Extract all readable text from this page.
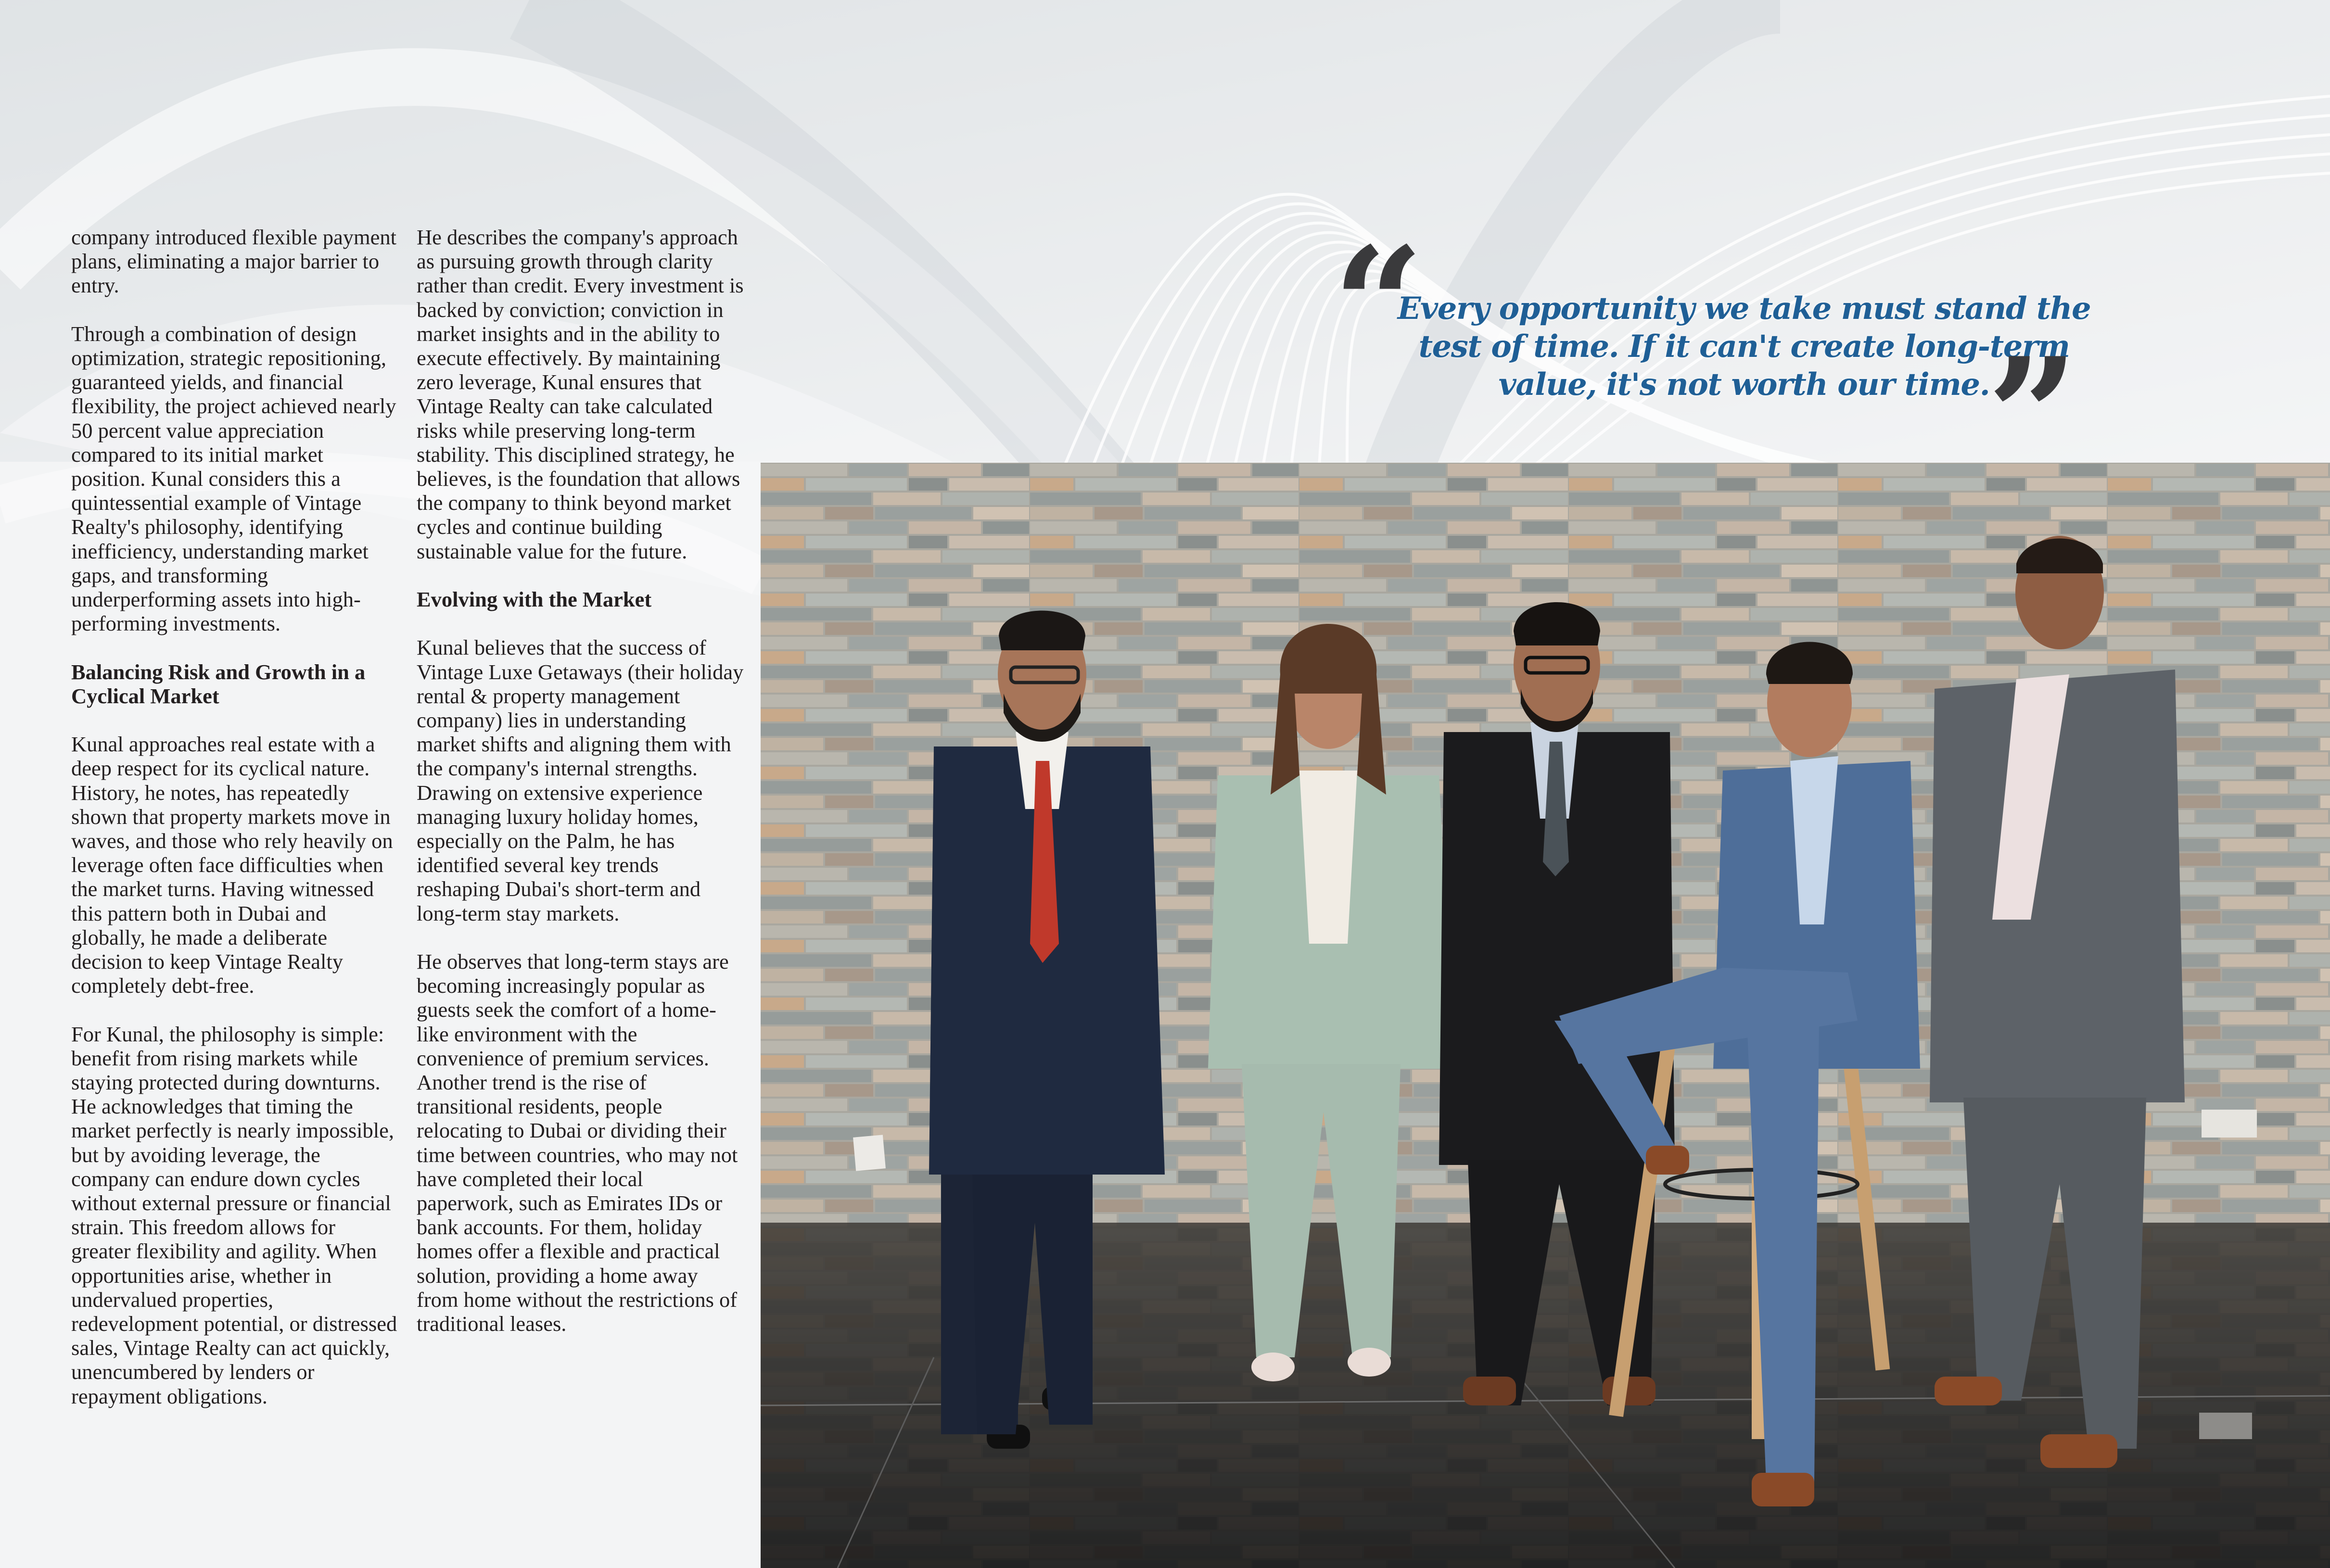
company introduced flexible payment plans, eliminating a major barrier to entry.

Through a combination of design optimization, strategic repositioning, guaranteed yields, and financial flexibility, the project achieved nearly 50 percent value appreciation compared to its initial market position. Kunal considers this a quintessential example of Vintage Realty's philosophy, identifying inefficiency, understanding market gaps, and transforming underperforming assets into high-performing investments.

Balancing Risk and Growth in a Cyclical Market

Kunal approaches real estate with a deep respect for its cyclical nature. History, he notes, has repeatedly shown that property markets move in waves, and those who rely heavily on leverage often face difficulties when the market turns. Having witnessed this pattern both in Dubai and globally, he made a deliberate decision to keep Vintage Realty completely debt-free.

For Kunal, the philosophy is simple: benefit from rising markets while staying protected during downturns. He acknowledges that timing the market perfectly is nearly impossible, but by avoiding leverage, the company can endure down cycles without external pressure or financial strain. This freedom allows for greater flexibility and agility. When opportunities arise, whether in undervalued properties, redevelopment potential, or distressed sales, Vintage Realty can act quickly, unencumbered by lenders or repayment obligations.

He describes the company's approach as pursuing growth through clarity rather than credit. Every investment is backed by conviction; conviction in market insights and in the ability to execute effectively. By maintaining zero leverage, Kunal ensures that Vintage Realty can take calculated risks while preserving long-term stability. This disciplined strategy, he believes, is the foundation that allows the company to think beyond market cycles and continue building sustainable value for the future.

Evolving with the Market

Kunal believes that the success of Vintage Luxe Getaways (their holiday rental & property management company) lies in understanding market shifts and aligning them with the company's internal strengths. Drawing on extensive experience managing luxury holiday homes, especially on the Palm, he has identified several key trends reshaping Dubai's short-term and long-term stay markets.

He observes that long-term stays are becoming increasingly popular as guests seek the comfort of a home-like environment with the convenience of premium services. Another trend is the rise of transitional residents, people relocating to Dubai or dividing their time between countries, who may not have completed their local paperwork, such as Emirates IDs or bank accounts. For them, holiday homes offer a flexible and practical solution, providing a home away from home without the restrictions of traditional leases.

“
Every opportunity we take must stand the test of time. If it can't create long-term value, it's not worth our time.
”
